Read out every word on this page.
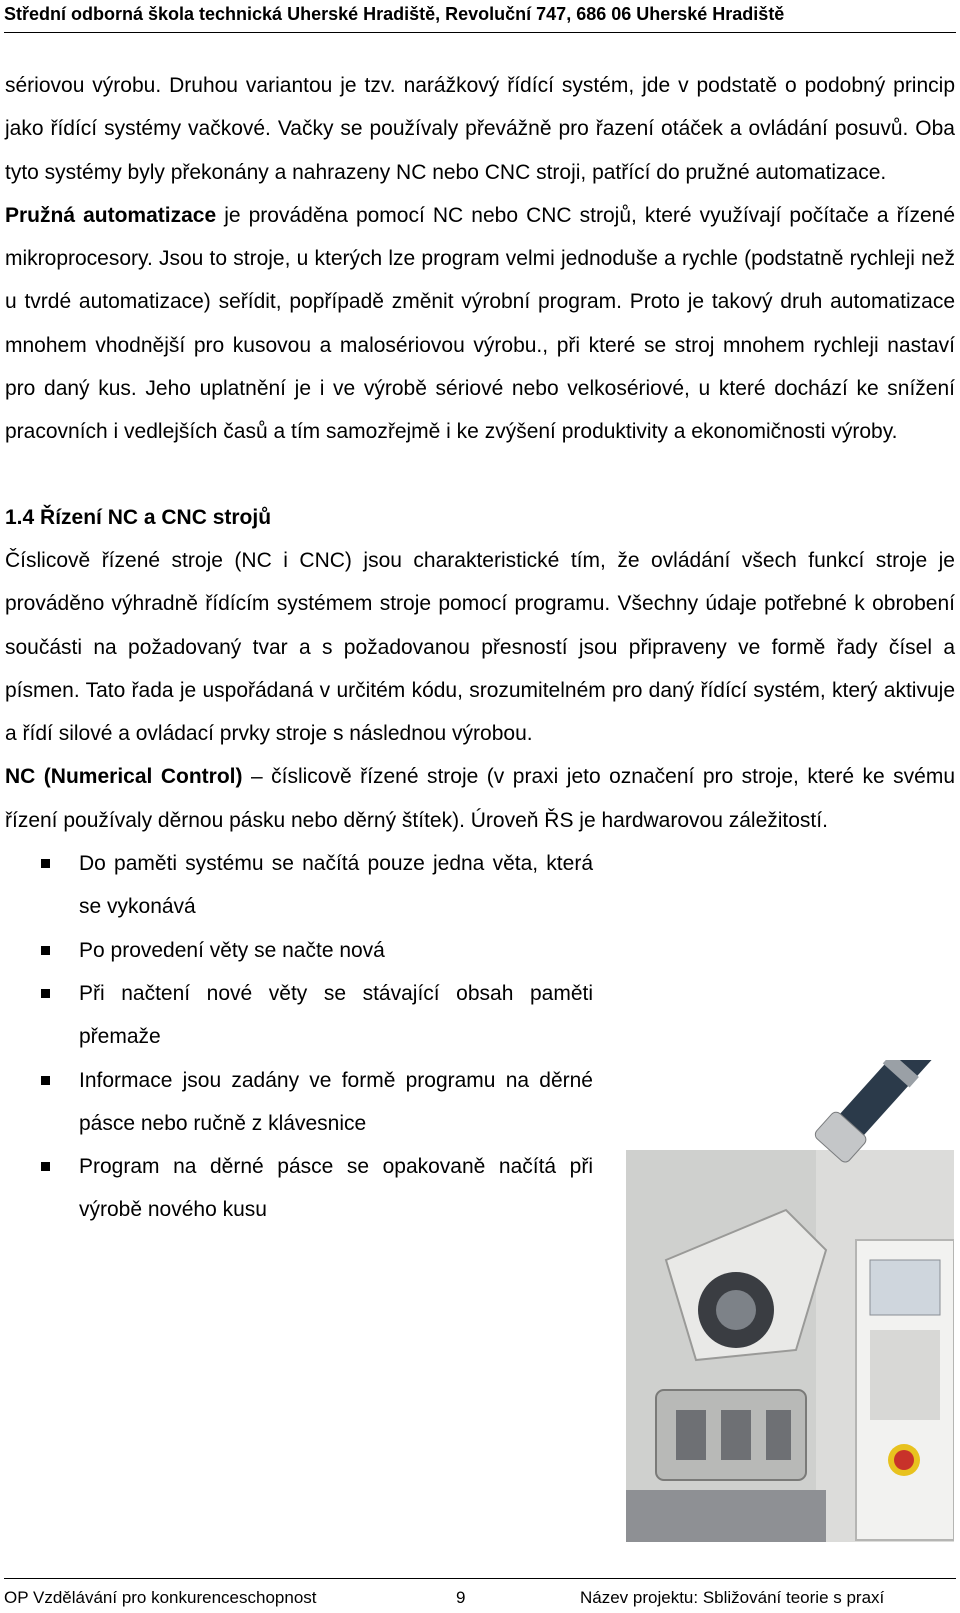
Střední odborná škola technická Uherské Hradiště, Revoluční 747, 686 06 Uherské Hradiště

sériovou výrobu. Druhou variantou je tzv. narážkový řídící systém, jde v podstatě o podobný princip jako řídící systémy vačkové. Vačky se používaly převážně pro řazení otáček a ovládání posuvů. Oba tyto systémy byly překonány a nahrazeny NC nebo CNC stroji, patřící do pružné automatizace.

Pružná automatizace je prováděna pomocí NC nebo CNC strojů, které využívají počítače a řízené mikroprocesory. Jsou to stroje, u kterých lze program velmi jednoduše a rychle (podstatně rychleji než u tvrdé automatizace) seřídit, popřípadě změnit výrobní program. Proto je takový druh automatizace mnohem vhodnější pro kusovou a malosériovou výrobu., při které se stroj mnohem rychleji nastaví pro daný kus. Jeho uplatnění je i ve výrobě sériové nebo velkosériové, u které dochází ke snížení pracovních i vedlejších časů a tím samozřejmě i ke zvýšení produktivity a ekonomičnosti výroby.

1.4 Řízení NC a CNC strojů

Číslicově řízené stroje (NC i CNC) jsou charakteristické tím, že ovládání všech funkcí stroje je prováděno výhradně řídícím systémem stroje pomocí programu. Všechny údaje potřebné k obrobení součásti na požadovaný tvar a s požadovanou přesností jsou připraveny ve formě řady čísel a písmen. Tato řada je uspořádaná v určitém kódu, srozumitelném pro daný řídící systém, který aktivuje a řídí silové a ovládací prvky stroje s následnou výrobou.

NC (Numerical Control) – číslicově řízené stroje (v praxi jeto označení pro stroje, které ke svému řízení používaly děrnou pásku nebo děrný štítek). Úroveň ŘS je hardwarovou záležitostí.

Do paměti systému se načítá pouze jedna věta, která se vykonává
Po provedení věty se načte nová
Při načtení nové věty se stávající obsah paměti přemaže
Informace jsou zadány ve formě programu na děrné pásce nebo ručně z klávesnice
Program na děrné pásce se opakovaně načítá při výrobě nového kusu
OP Vzdělávání pro konkurenceschopnost	9	Název projektu: Sbližování teorie s praxí
